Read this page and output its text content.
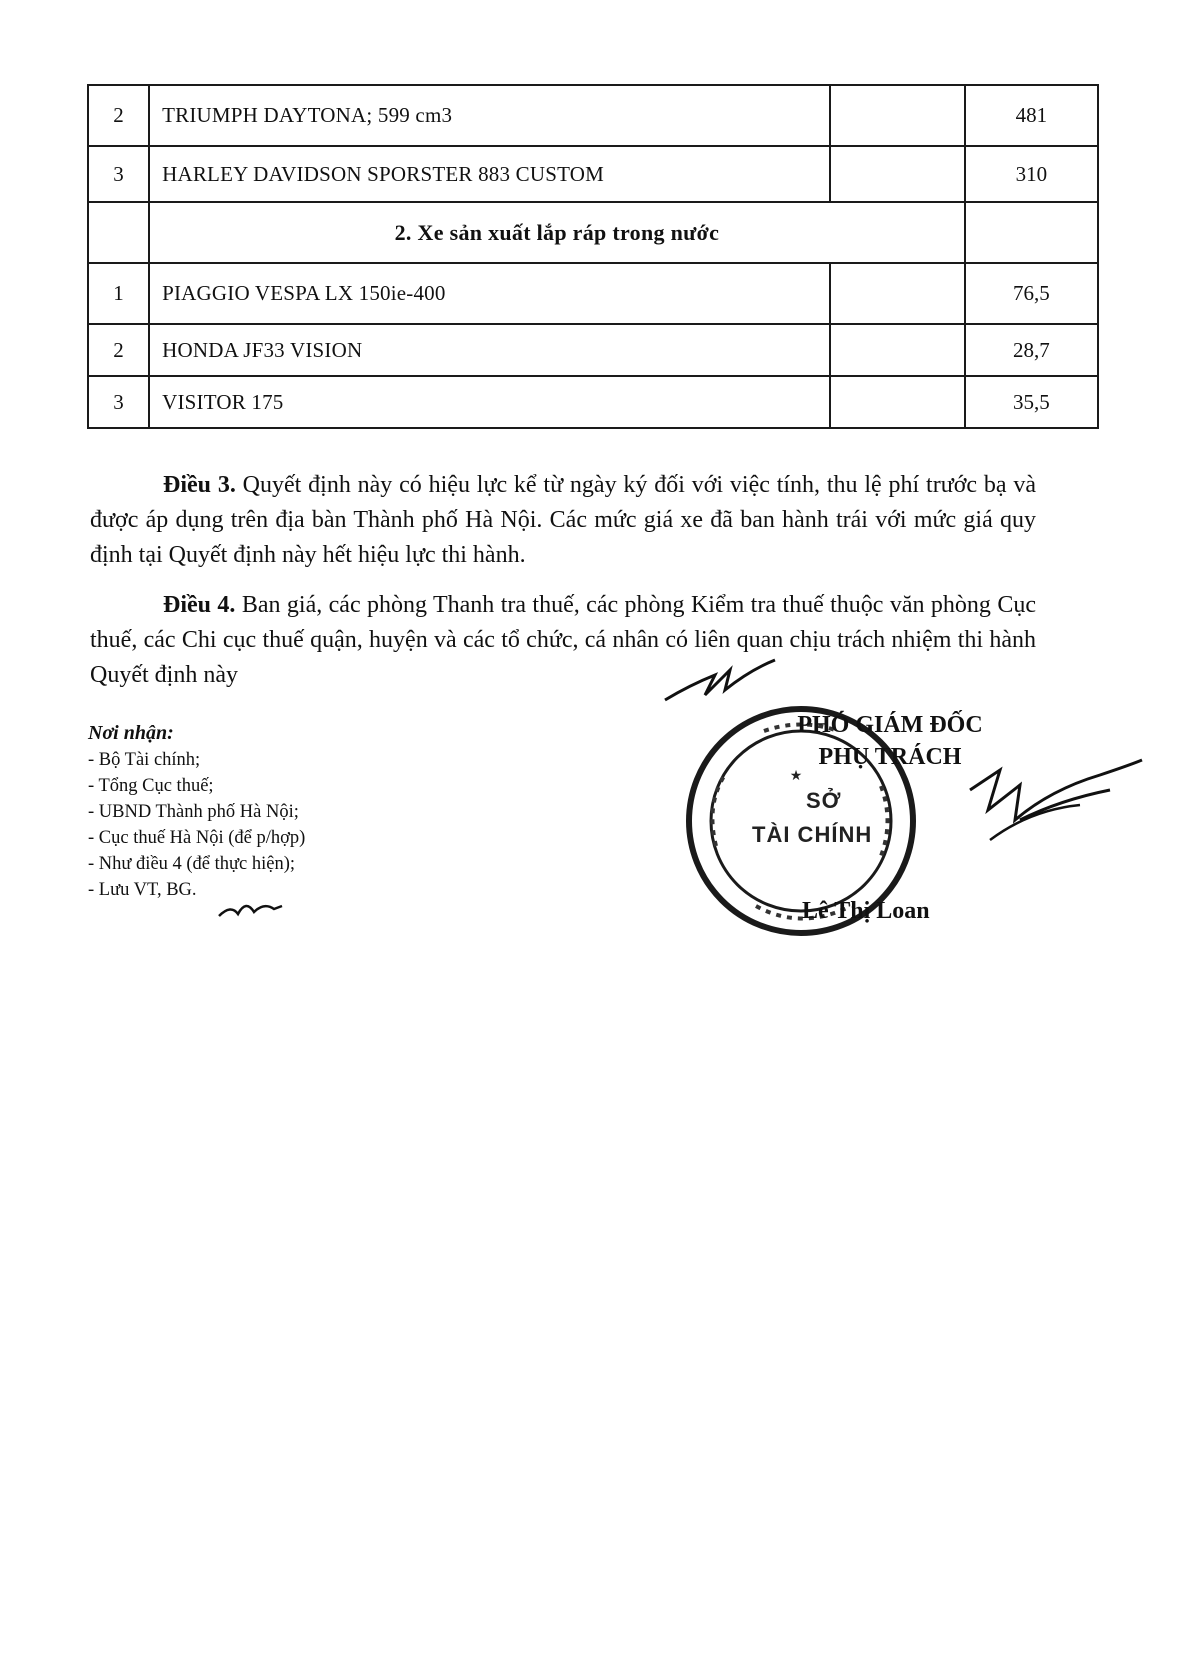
2	TRIUMPH DAYTONA; 599 cm3		481
3	HARLEY DAVIDSON SPORSTER 883 CUSTOM		310
	2. Xe sản xuất lắp ráp trong nước		
1	PIAGGIO VESPA LX 150ie-400		76,5
2	HONDA JF33 VISION		28,7
3	VISITOR 175		35,5

Điều 3. Quyết định này có hiệu lực kể từ ngày ký đối với việc tính, thu lệ phí trước bạ và được áp dụng trên địa bàn Thành phố Hà Nội. Các mức giá xe đã ban hành trái với mức giá quy định tại Quyết định này hết hiệu lực thi hành.

Điều 4. Ban giá, các phòng Thanh tra thuế, các phòng Kiểm tra thuế thuộc văn phòng Cục thuế, các Chi cục thuế quận, huyện và các tổ chức, cá nhân có liên quan chịu trách nhiệm thi hành Quyết định này

Nơi nhận:
- Bộ Tài chính;
- Tổng Cục thuế;
- UBND Thành phố Hà Nội;
- Cục thuế Hà Nội (để p/hợp)
- Như điều 4 (để thực hiện);
- Lưu VT, BG.
★
SỞ
TÀI CHÍNH
PHÓ GIÁM ĐỐC
PHỤ TRÁCH
Lê Thị Loan
